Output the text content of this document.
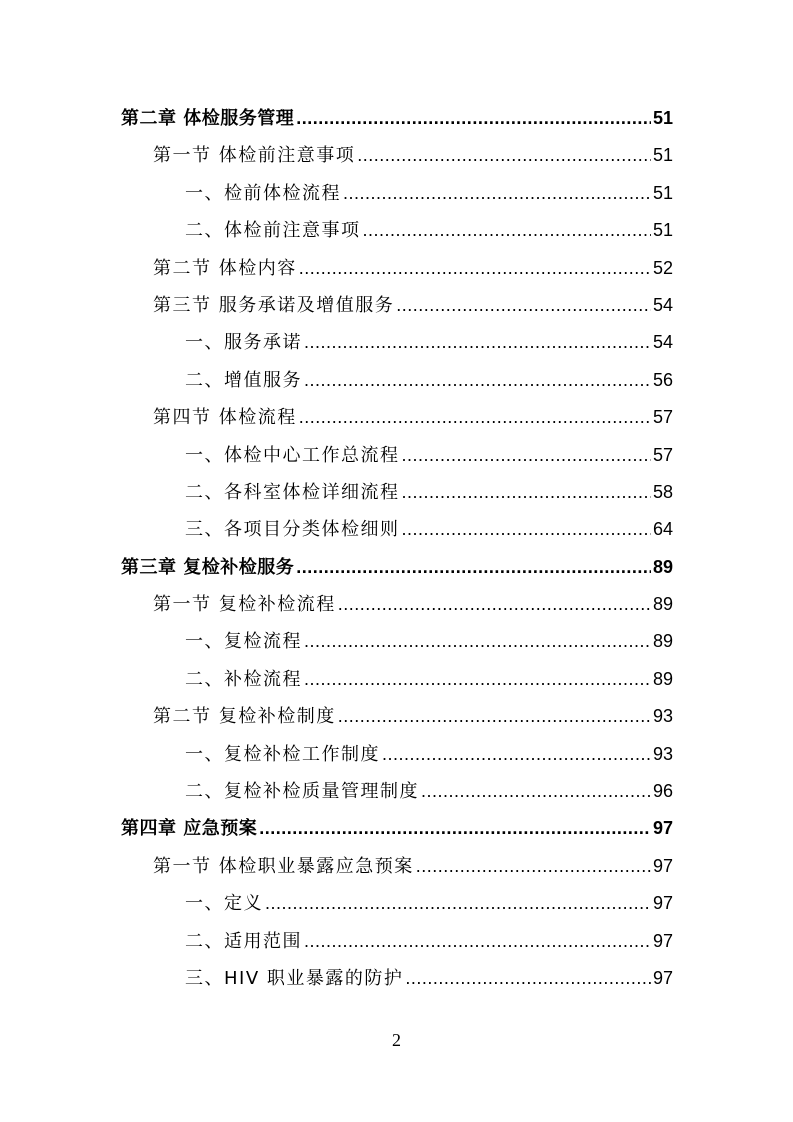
第二章 体检服务管理 .....	51
第一节 体检前注意事项 .....	51
一、检前体检流程 .....	51
二、体检前注意事项 .....	51
第二节 体检内容 .....	52
第三节 服务承诺及增值服务 .....	54
一、服务承诺 .....	54
二、增值服务 .....	56
第四节 体检流程 .....	57
一、体检中心工作总流程 .....	57
二、各科室体检详细流程 .....	58
三、各项目分类体检细则 .....	64
第三章 复检补检服务 .....	89
第一节 复检补检流程 .....	89
一、复检流程 .....	89
二、补检流程 .....	89
第二节 复检补检制度 .....	93
一、复检补检工作制度 .....	93
二、复检补检质量管理制度 .....	96
第四章 应急预案 .....	97
第一节 体检职业暴露应急预案 .....	97
一、定义 .....	97
二、适用范围 .....	97
三、HIV 职业暴露的防护 .....	97
2
